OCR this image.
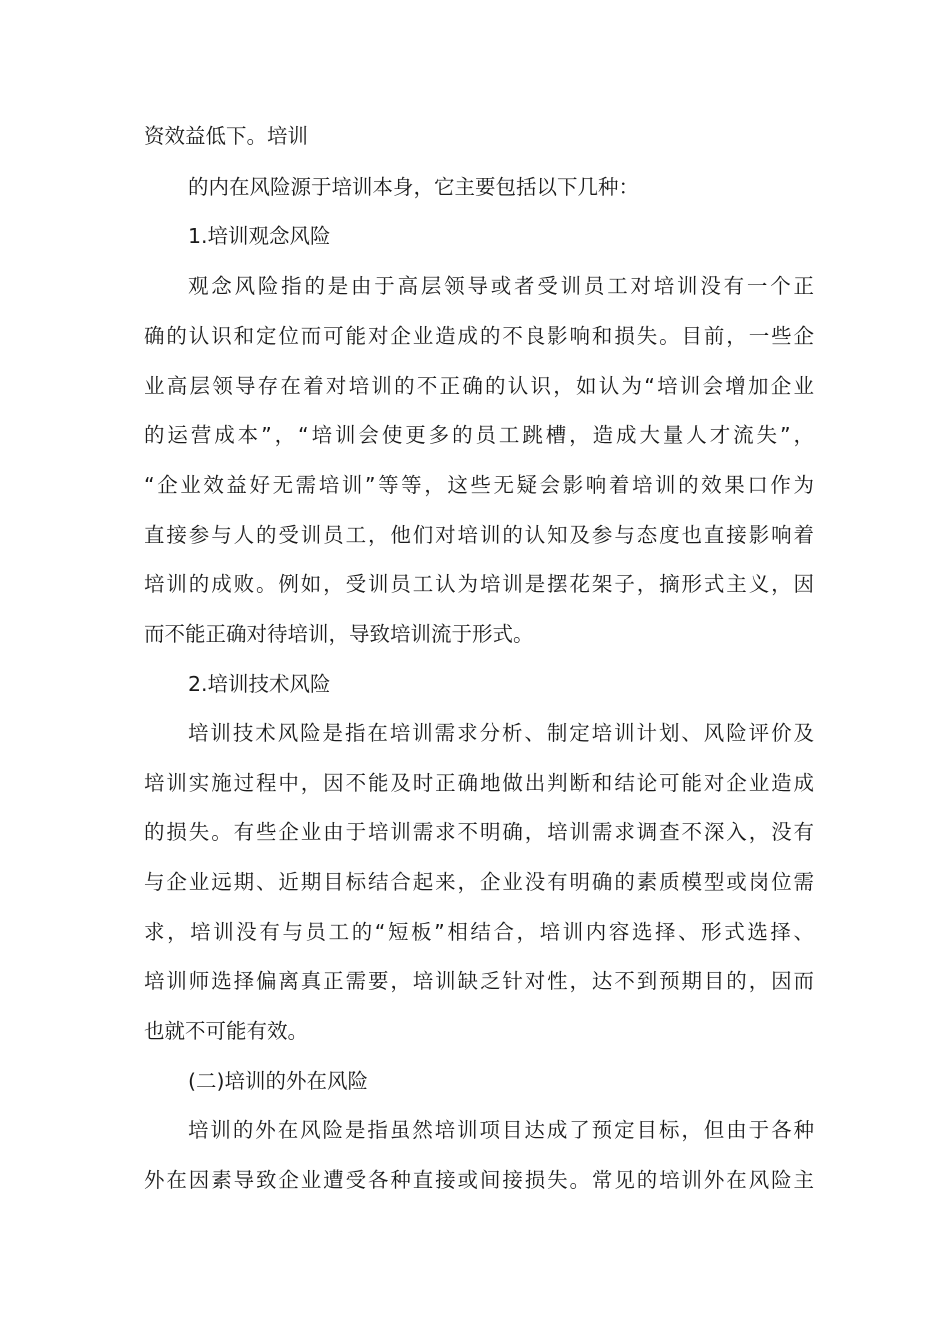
资效益低下。培训
的内在风险源于培训本身，它主要包括以下几种：
1.培训观念风险
观念风险指的是由于高层领导或者受训员工对培训没有一个正
确的认识和定位而可能对企业造成的不良影响和损失。目前，一些企
业高层领导存在着对培训的不正确的认识，如认为“培训会增加企业
的运营成本”，“培训会使更多的员工跳槽，造成大量人才流失”，
“企业效益好无需培训”等等，这些无疑会影响着培训的效果口作为
直接参与人的受训员工，他们对培训的认知及参与态度也直接影响着
培训的成败。例如，受训员工认为培训是摆花架子，摘形式主义，因
而不能正确对待培训，导致培训流于形式。
2.培训技术风险
培训技术风险是指在培训需求分析、制定培训计划、风险评价及
培训实施过程中，因不能及时正确地做出判断和结论可能对企业造成
的损失。有些企业由于培训需求不明确，培训需求调查不深入，没有
与企业远期、近期目标结合起来，企业没有明确的素质模型或岗位需
求，培训没有与员工的“短板”相结合，培训内容选择、形式选择、
培训师选择偏离真正需要，培训缺乏针对性，达不到预期目的，因而
也就不可能有效。
(二)培训的外在风险
培训的外在风险是指虽然培训项目达成了预定目标，但由于各种
外在因素导致企业遭受各种直接或间接损失。常见的培训外在风险主
